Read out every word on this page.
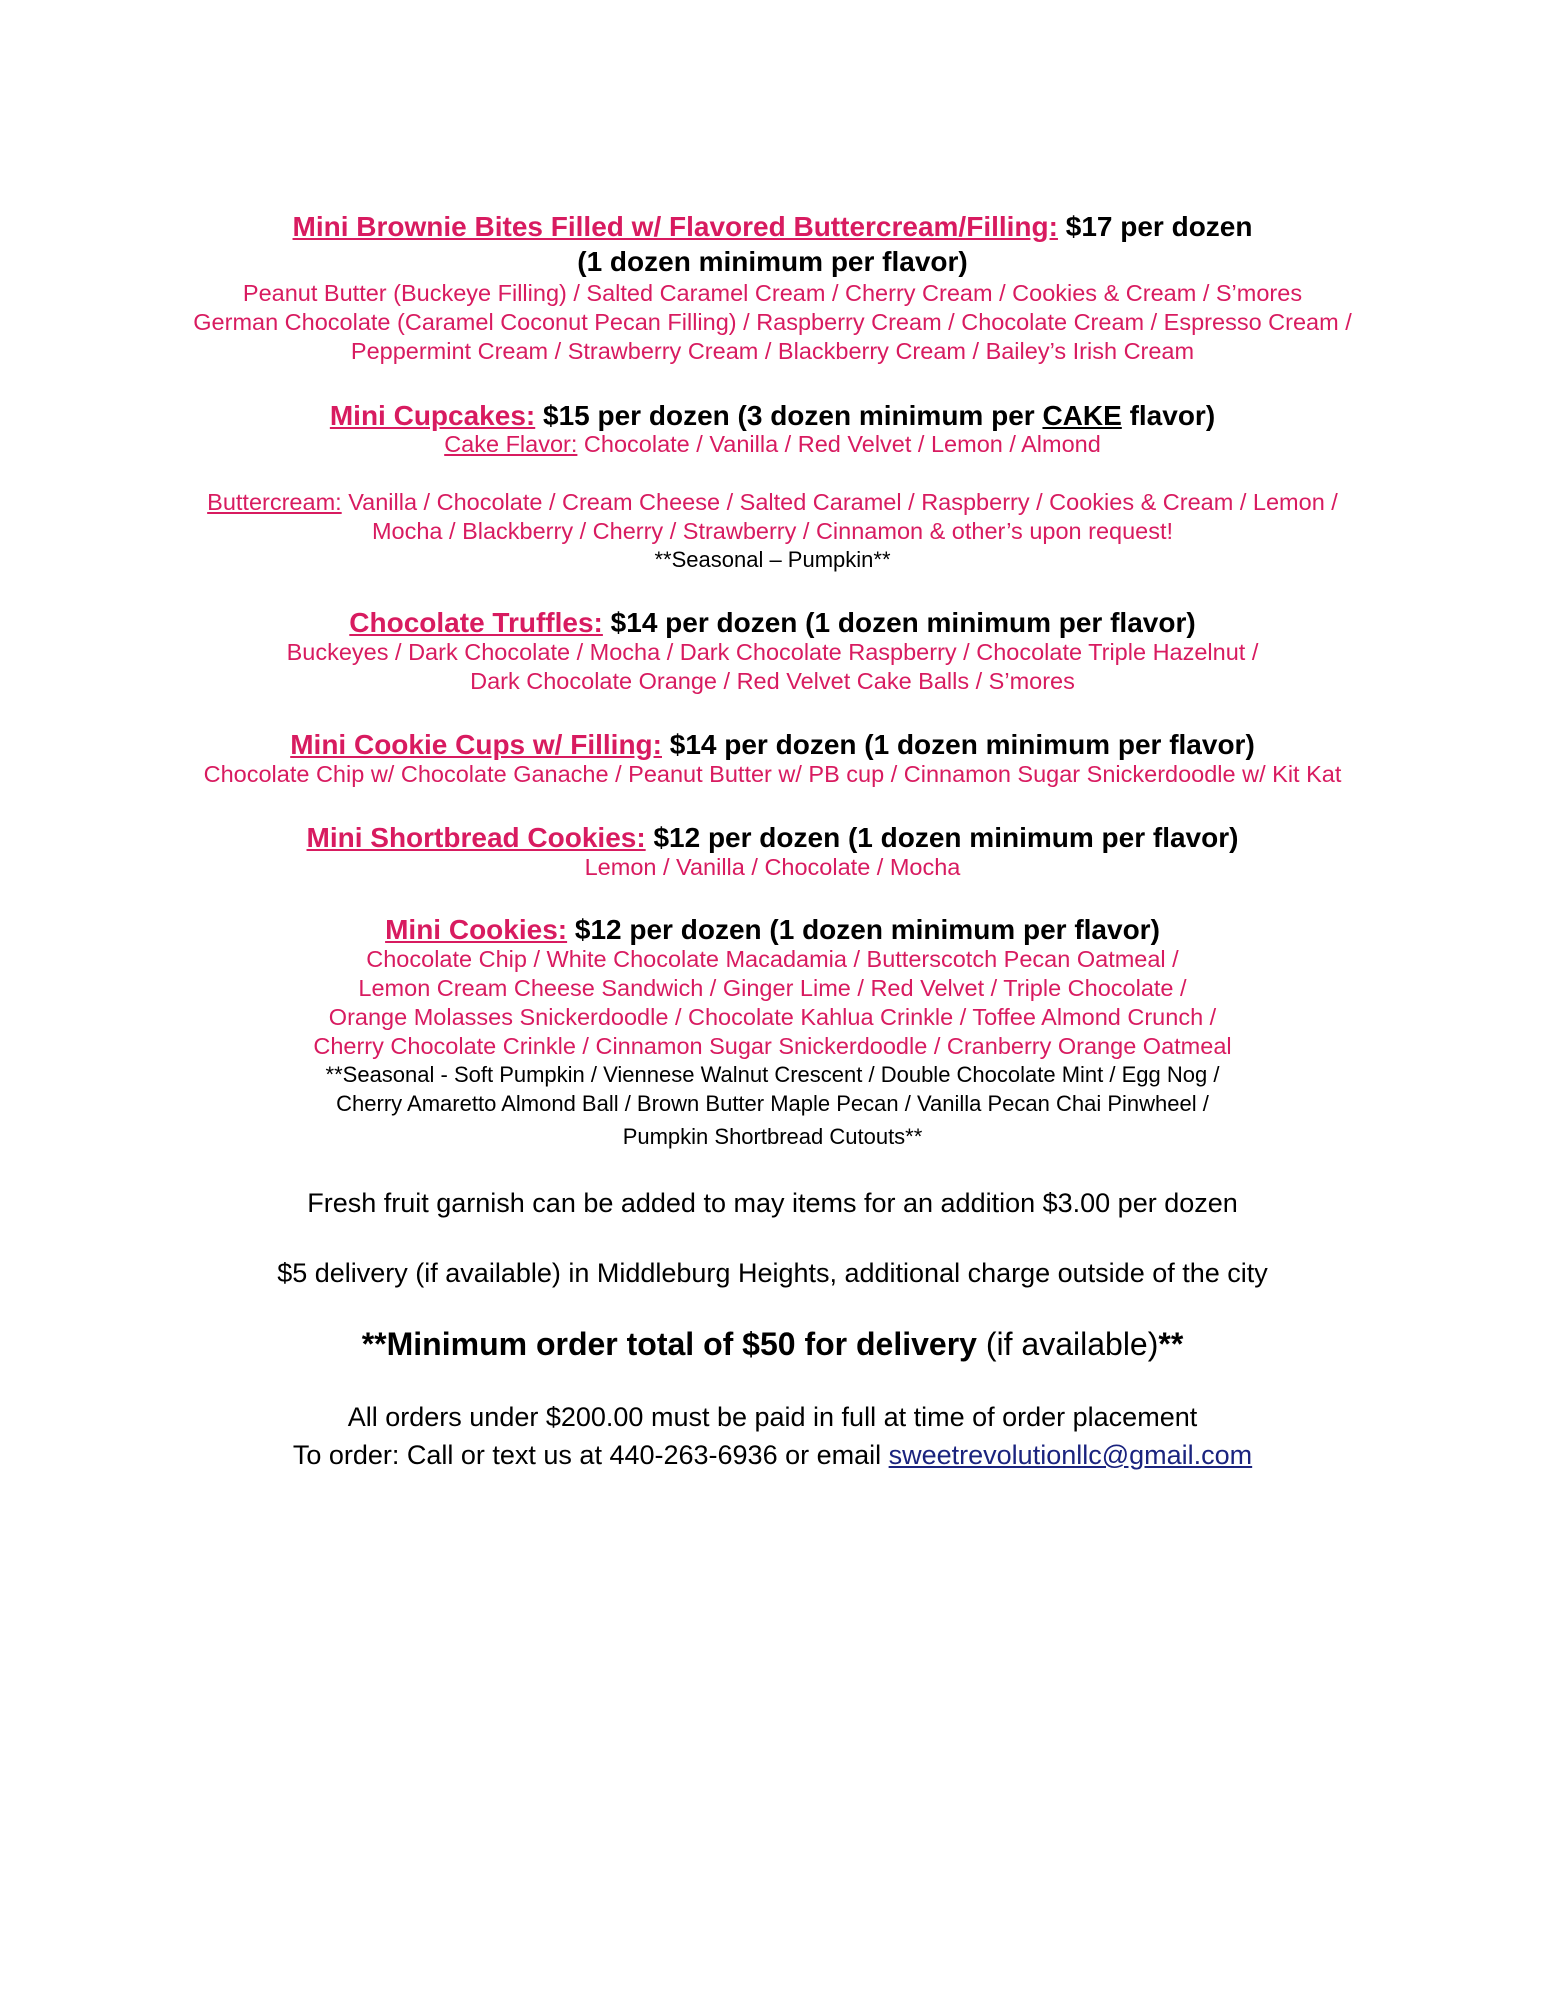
Mini Brownie Bites Filled w/ Flavored Buttercream/Filling: $17 per dozen
(1 dozen minimum per flavor)
Peanut Butter (Buckeye Filling) / Salted Caramel Cream / Cherry Cream / Cookies & Cream / S’mores
German Chocolate (Caramel Coconut Pecan Filling) / Raspberry Cream / Chocolate Cream / Espresso Cream /
Peppermint Cream / Strawberry Cream / Blackberry Cream / Bailey’s Irish Cream
Mini Cupcakes: $15 per dozen (3 dozen minimum per CAKE flavor)
Cake Flavor: Chocolate / Vanilla / Red Velvet / Lemon / Almond
Buttercream: Vanilla / Chocolate / Cream Cheese / Salted Caramel / Raspberry / Cookies & Cream / Lemon /
Mocha / Blackberry / Cherry / Strawberry / Cinnamon & other’s upon request!
**Seasonal – Pumpkin**
Chocolate Truffles: $14 per dozen (1 dozen minimum per flavor)
Buckeyes / Dark Chocolate / Mocha / Dark Chocolate Raspberry / Chocolate Triple Hazelnut /
Dark Chocolate Orange / Red Velvet Cake Balls / S’mores
Mini Cookie Cups w/ Filling: $14 per dozen (1 dozen minimum per flavor)
Chocolate Chip w/ Chocolate Ganache / Peanut Butter w/ PB cup / Cinnamon Sugar Snickerdoodle w/ Kit Kat
Mini Shortbread Cookies: $12 per dozen (1 dozen minimum per flavor)
Lemon / Vanilla / Chocolate / Mocha
Mini Cookies: $12 per dozen (1 dozen minimum per flavor)
Chocolate Chip / White Chocolate Macadamia / Butterscotch Pecan Oatmeal /
Lemon Cream Cheese Sandwich / Ginger Lime / Red Velvet / Triple Chocolate /
Orange Molasses Snickerdoodle / Chocolate Kahlua Crinkle / Toffee Almond Crunch /
Cherry Chocolate Crinkle / Cinnamon Sugar Snickerdoodle / Cranberry Orange Oatmeal
**Seasonal - Soft Pumpkin / Viennese Walnut Crescent / Double Chocolate Mint / Egg Nog /
Cherry Amaretto Almond Ball / Brown Butter Maple Pecan / Vanilla Pecan Chai Pinwheel /
Pumpkin Shortbread Cutouts**
Fresh fruit garnish can be added to may items for an addition $3.00 per dozen
$5 delivery (if available) in Middleburg Heights, additional charge outside of the city
**Minimum order total of $50 for delivery (if available)**
All orders under $200.00 must be paid in full at time of order placement
To order: Call or text us at 440-263-6936 or email sweetrevolutionllc@gmail.com
